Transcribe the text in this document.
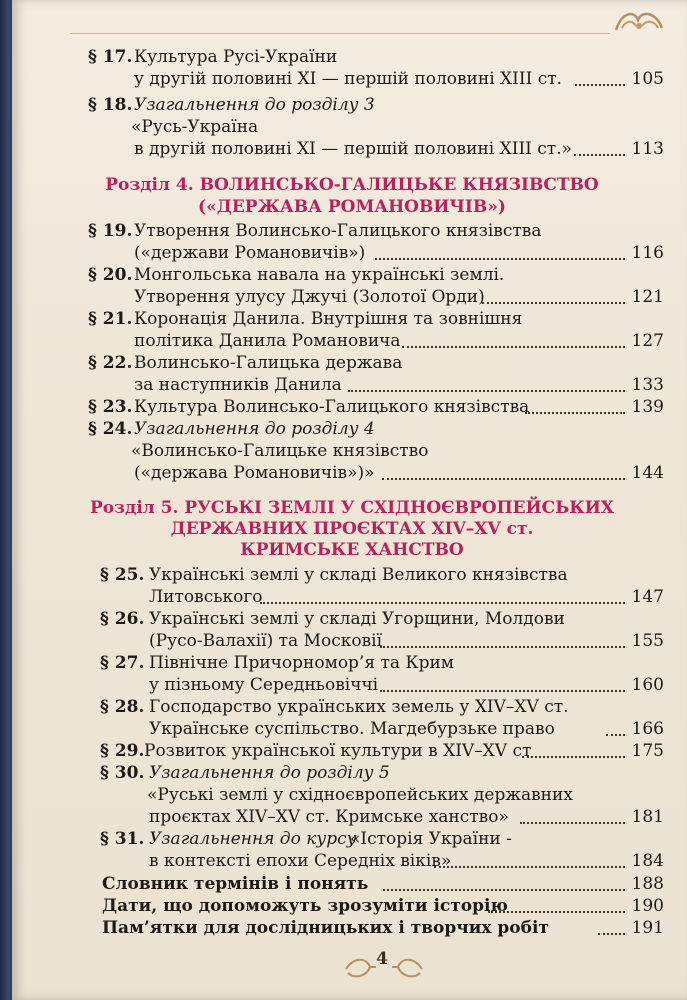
§ 17. Культура Русі-України
у другій половині XI — першій половині XIII ст.	105
§ 18. Узагальнення до розділу 3
«Русь-Україна
в другій половині XI — першій половині XIII ст.»	113
Розділ 4. ВОЛИНСЬКО-ГАЛИЦЬКЕ КНЯЗІВСТВО
(«ДЕРЖАВА РОМАНОВИЧІВ»)
§ 19. Утворення Волинсько-Галицького князівства
(«держави Романовичів»)	116
§ 20. Монгольська навала на українські землі.
Утворення улусу Джучі (Золотої Орди)	121
§ 21. Коронація Данила. Внутрішня та зовнішня
політика Данила Романовича	127
§ 22. Волинсько-Галицька держава
за наступників Данила	133
§ 23. Культура Волинсько-Галицького князівства	139
§ 24. Узагальнення до розділу 4
«Волинсько-Галицьке князівство
(«держава Романовичів»)»	144
Розділ 5. РУСЬКІ ЗЕМЛІ У СХІДНОЄВРОПЕЙСЬКИХ
ДЕРЖАВНИХ ПРОЄКТАХ XIV–XV ст.
КРИМСЬКЕ ХАНСТВО
§ 25. Українські землі у складі Великого князівства
Литовського	147
§ 26. Українські землі у складі Угорщини, Молдови
(Русо-Валахії) та Московії	155
§ 27. Північне Причорномор’я та Крим
у пізньому Середньовіччі	160
§ 28. Господарство українських земель у XIV–XV ст.
Українське суспільство. Магдебурзьке право	166
§ 29. Розвиток української культури в XIV–XV ст	175
§ 30. Узагальнення до розділу 5
«Руські землі у східноєвропейських державних
проєктах XIV–XV ст. Кримське ханство»	181
§ 31. Узагальнення до курсу
«Історія України -
в контексті епохи Середніх віків»	184
Словник термінів і понять	188
Дати, що допоможуть зрозуміти історію	190
Пам’ятки для дослідницьких і творчих робіт	191
4
